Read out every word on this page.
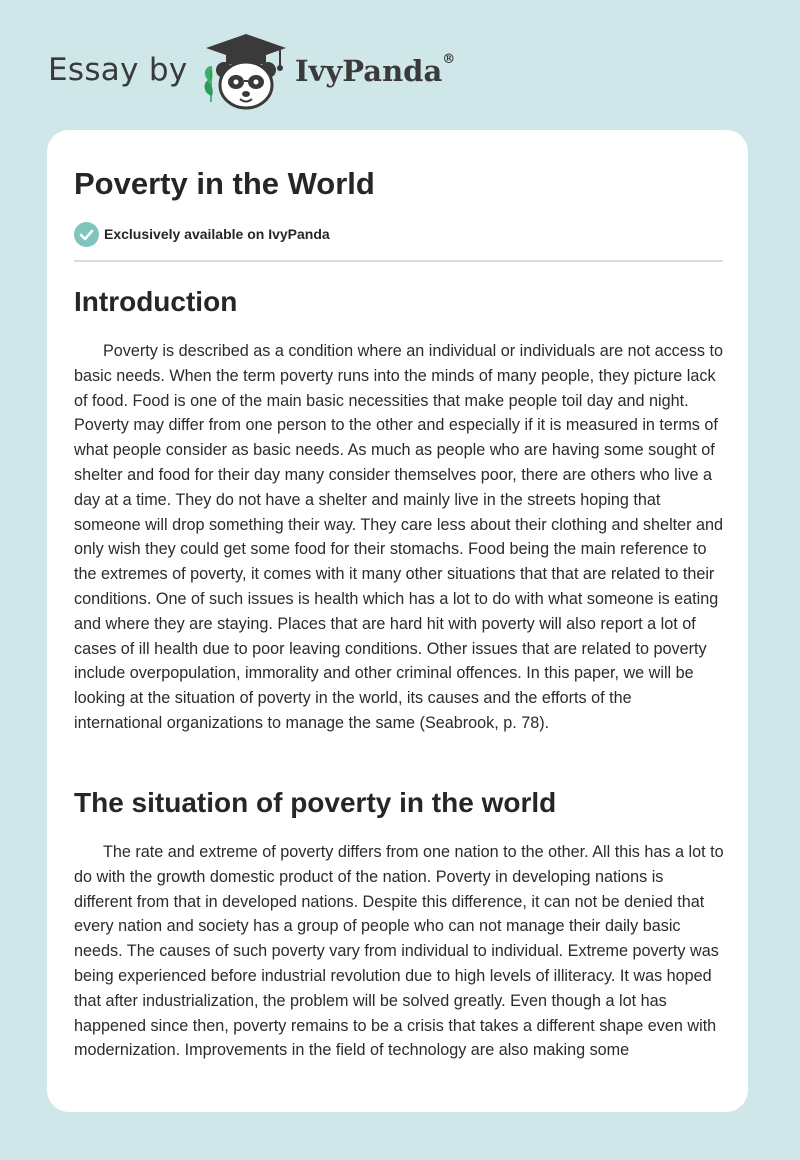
Essay by	IvyPanda®
Poverty in the World
Exclusively available on IvyPanda
Introduction

Poverty is described as a condition where an individual or individuals are not access to basic needs. When the term poverty runs into the minds of many people, they picture lack of food. Food is one of the main basic necessities that make people toil day and night. Poverty may differ from one person to the other and especially if it is measured in terms of what people consider as basic needs. As much as people who are having some sought of shelter and food for their day many consider themselves poor, there are others who live a day at a time. They do not have a shelter and mainly live in the streets hoping that someone will drop something their way. They care less about their clothing and shelter and only wish they could get some food for their stomachs. Food being the main reference to the extremes of poverty, it comes with it many other situations that that are related to their conditions. One of such issues is health which has a lot to do with what someone is eating and where they are staying. Places that are hard hit with poverty will also report a lot of cases of ill health due to poor leaving conditions. Other issues that are related to poverty include overpopulation, immorality and other criminal offences. In this paper, we will be looking at the situation of poverty in the world, its causes and the efforts of the international organizations to manage the same (Seabrook, p. 78).

The situation of poverty in the world

The rate and extreme of poverty differs from one nation to the other. All this has a lot to do with the growth domestic product of the nation. Poverty in developing nations is different from that in developed nations. Despite this difference, it can not be denied that every nation and society has a group of people who can not manage their daily basic needs. The causes of such poverty vary from individual to individual. Extreme poverty was being experienced before industrial revolution due to high levels of illiteracy. It was hoped that after industrialization, the problem will be solved greatly. Even though a lot has happened since then, poverty remains to be a crisis that takes a different shape even with modernization. Improvements in the field of technology are also making some
